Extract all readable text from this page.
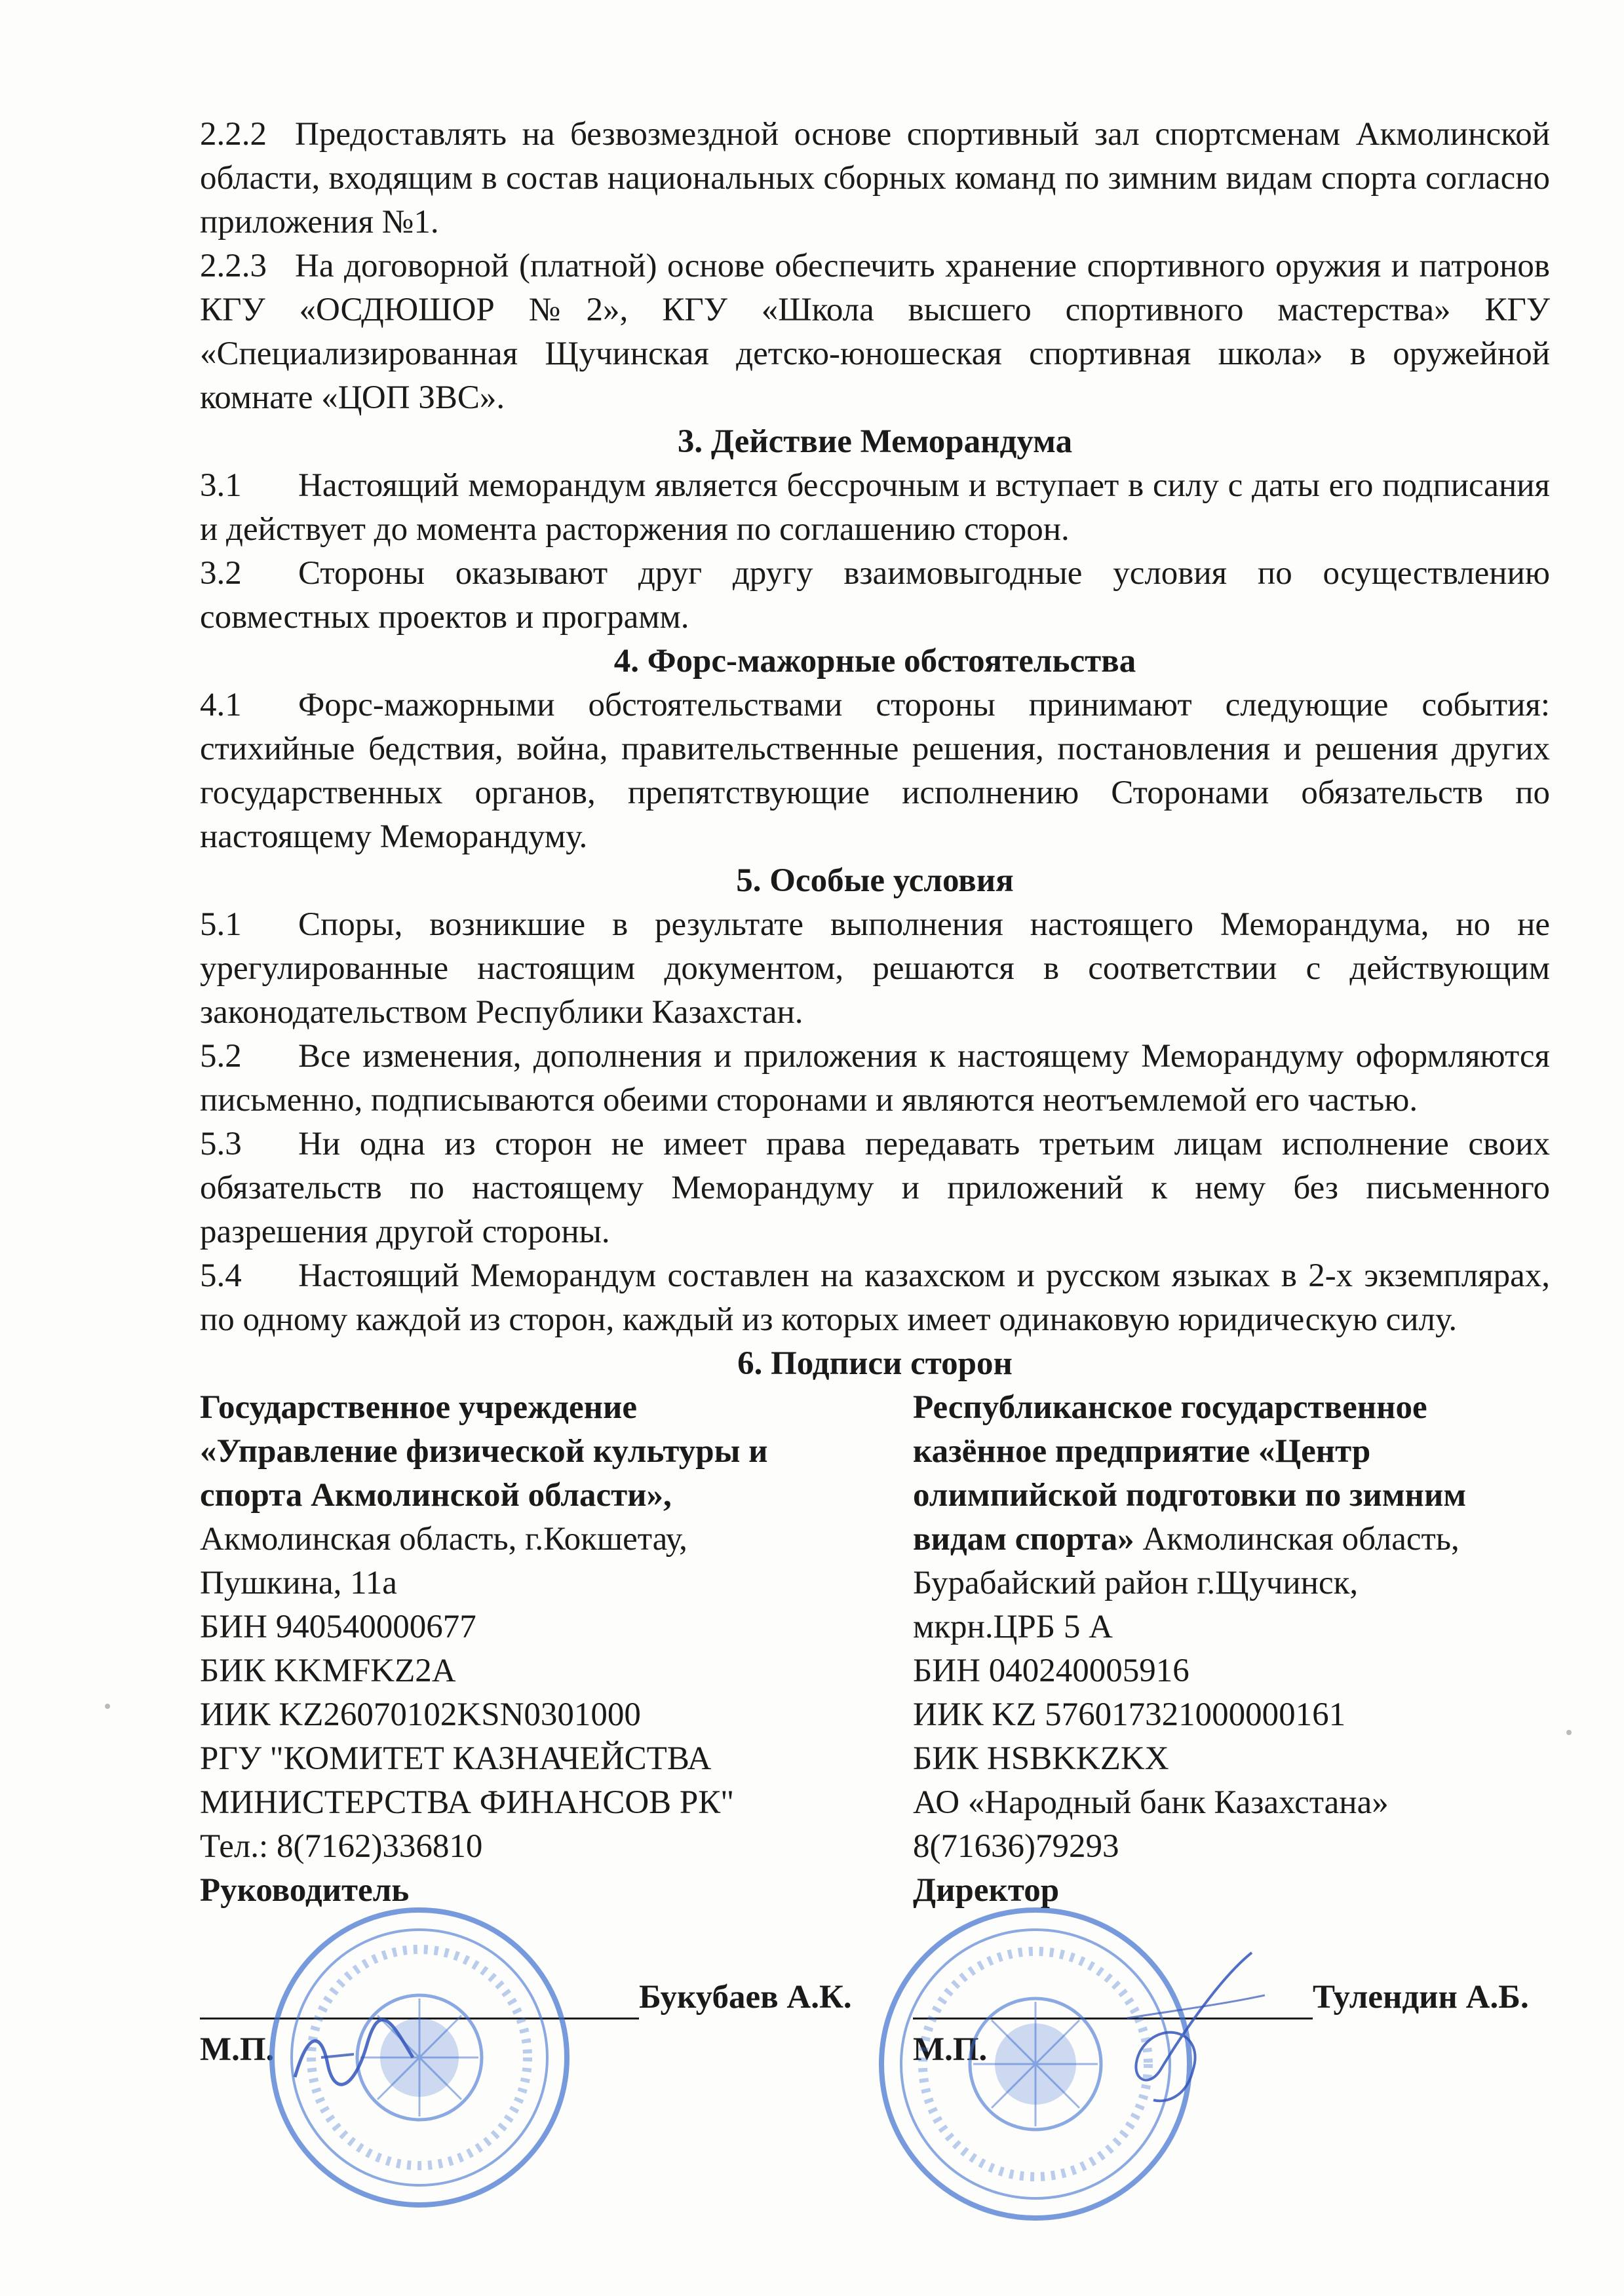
2.2.2 Предоставлять на безвозмездной основе спортивный зал спортсменам Акмолинской области, входящим в состав национальных сборных команд по зимним видам спорта согласно приложения №1.

2.2.3 На договорной (платной) основе обеспечить хранение спортивного оружия и патронов КГУ «ОСДЮШОР №2», КГУ «Школа высшего спортивного мастерства» КГУ «Специализированная Щучинская детско-юношеская спортивная школа» в оружейной комнате «ЦОП ЗВС».

3. Действие Меморандума

3.1 Настоящий меморандум является бессрочным и вступает в силу с даты его подписания и действует до момента расторжения по соглашению сторон.

3.2 Стороны оказывают друг другу взаимовыгодные условия по осуществлению совместных проектов и программ.

4. Форс-мажорные обстоятельства

4.1 Форс-мажорными обстоятельствами стороны принимают следующие события: стихийные бедствия, война, правительственные решения, постановления и решения других государственных органов, препятствующие исполнению Сторонами обязательств по настоящему Меморандуму.

5. Особые условия

5.1 Споры, возникшие в результате выполнения настоящего Меморандума, но не урегулированные настоящим документом, решаются в соответствии с действующим законодательством Республики Казахстан.

5.2 Все изменения, дополнения и приложения к настоящему Меморандуму оформляются письменно, подписываются обеими сторонами и являются неотъемлемой его частью.

5.3 Ни одна из сторон не имеет права передавать третьим лицам исполнение своих обязательств по настоящему Меморандуму и приложений к нему без письменного разрешения другой стороны.

5.4 Настоящий Меморандум составлен на казахском и русском языках в 2-х экземплярах, по одному каждой из сторон, каждый из которых имеет одинаковую юридическую силу.

6. Подписи сторон
Государственное учреждение
«Управление физической культуры и
спорта Акмолинской области»,
Акмолинская область, г.Кокшетау,
Пушкина, 11а
БИН 940540000677
БИК KKMFKZ2A
ИИК KZ26070102KSN0301000
РГУ "КОМИТЕТ КАЗНАЧЕЙСТВА
МИНИСТЕРСТВА ФИНАНСОВ РК"
Тел.: 8(7162)336810
Руководитель
Республиканское государственное
казённое предприятие «Центр
олимпийской подготовки по зимним
видам спорта» Акмолинская область,
Бурабайский район г.Щучинск,
мкрн.ЦРБ 5 А
БИН 040240005916
ИИК KZ 576017321000000161
БИК HSBKKZKX
АО «Народный банк Казахстана»
8(71636)79293
Директор
Букубаев А.К.	Тулендин А.Б.
М.П.	М.П.
